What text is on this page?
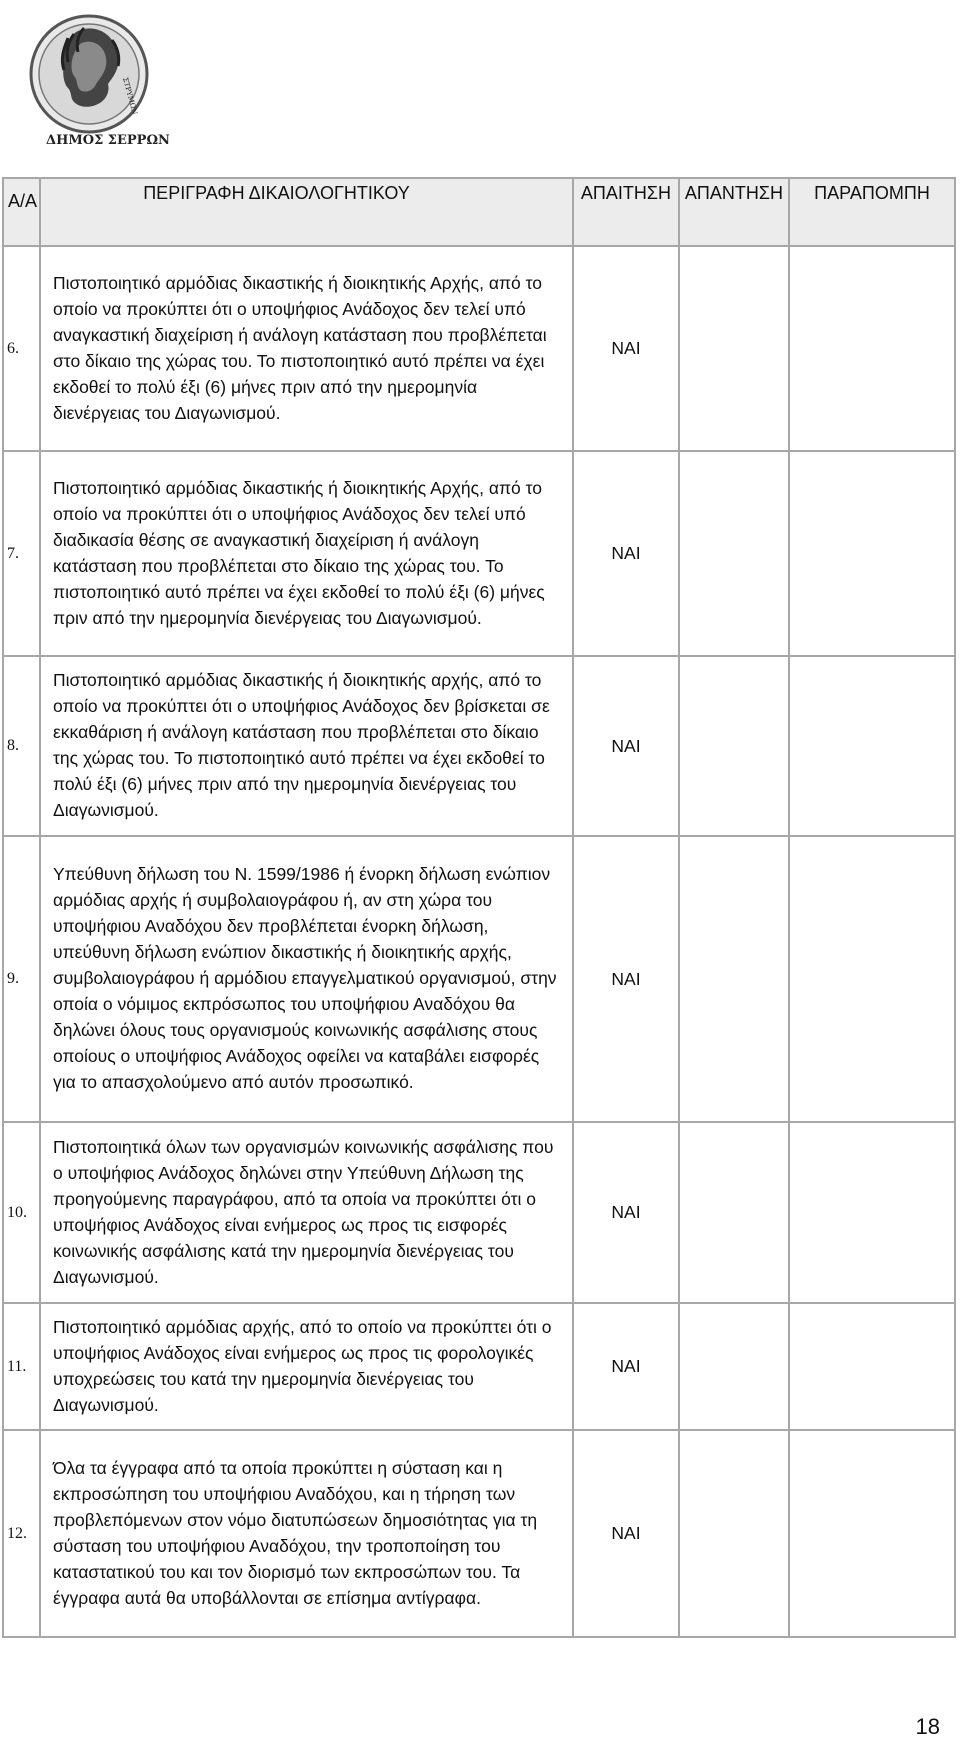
ΔΗΜΟΣ ΣΕΡΡΩΝ
ΣΤΡΥΜΩΝ
Α/Α	ΠΕΡΙΓΡΑΦΗ ΔΙΚΑΙΟΛΟΓΗΤΙΚΟΥ	ΑΠΑΙΤΗΣΗ	ΑΠΑΝΤΗΣΗ	ΠΑΡΑΠΟΜΠΗ
6.	Πιστοποιητικό αρμόδιας δικαστικής ή διοικητικής Αρχής, από το οποίο να προκύπτει ότι ο υποψήφιος Ανάδοχος δεν τελεί υπό αναγκαστική διαχείριση ή ανάλογη κατάσταση που προβλέπεται στο δίκαιο της χώρας του. Το πιστοποιητικό αυτό πρέπει να έχει εκδοθεί το πολύ έξι (6) μήνες πριν από την ημερομηνία διενέργειας του Διαγωνισμού.	ΝΑΙ		
7.	Πιστοποιητικό αρμόδιας δικαστικής ή διοικητικής Αρχής, από το οποίο να προκύπτει ότι ο υποψήφιος Ανάδοχος δεν τελεί υπό διαδικασία θέσης σε αναγκαστική διαχείριση ή ανάλογη κατάσταση που προβλέπεται στο δίκαιο της χώρας του. Το πιστοποιητικό αυτό πρέπει να έχει εκδοθεί το πολύ έξι (6) μήνες πριν από την ημερομηνία διενέργειας του Διαγωνισμού.	ΝΑΙ		
8.	Πιστοποιητικό αρμόδιας δικαστικής ή διοικητικής αρχής, από το οποίο να προκύπτει ότι ο υποψήφιος Ανάδοχος δεν βρίσκεται σε εκκαθάριση ή ανάλογη κατάσταση που προβλέπεται στο δίκαιο της χώρας του. Το πιστοποιητικό αυτό πρέπει να έχει εκδοθεί το πολύ έξι (6) μήνες πριν από την ημερομηνία διενέργειας του Διαγωνισμού.	ΝΑΙ		
9.	Υπεύθυνη δήλωση του Ν. 1599/1986 ή ένορκη δήλωση ενώπιον αρμόδιας αρχής ή συμβολαιογράφου ή, αν στη χώρα του υποψήφιου Αναδόχου δεν προβλέπεται ένορκη δήλωση, υπεύθυνη δήλωση ενώπιον δικαστικής ή διοικητικής αρχής, συμβολαιογράφου ή αρμόδιου επαγγελματικού οργανισμού, στην οποία ο νόμιμος εκπρόσωπος του υποψήφιου Αναδόχου θα δηλώνει όλους τους οργανισμούς κοινωνικής ασφάλισης στους οποίους ο υποψήφιος Ανάδοχος οφείλει να καταβάλει εισφορές για το απασχολούμενο από αυτόν προσωπικό.	ΝΑΙ		
10.	Πιστοποιητικά όλων των οργανισμών κοινωνικής ασφάλισης που ο υποψήφιος Ανάδοχος δηλώνει στην Υπεύθυνη Δήλωση της προηγούμενης παραγράφου, από τα οποία να προκύπτει ότι ο υποψήφιος Ανάδοχος είναι ενήμερος ως προς τις εισφορές κοινωνικής ασφάλισης κατά την ημερομηνία διενέργειας του Διαγωνισμού.	ΝΑΙ		
11.	Πιστοποιητικό αρμόδιας αρχής, από το οποίο να προκύπτει ότι ο υποψήφιος Ανάδοχος είναι ενήμερος ως προς τις φορολογικές υποχρεώσεις του κατά την ημερομηνία διενέργειας του Διαγωνισμού.	ΝΑΙ		
12.	Όλα τα έγγραφα από τα οποία προκύπτει η σύσταση και η εκπροσώπηση του υποψήφιου Αναδόχου, και η τήρηση των προβλεπόμενων στον νόμο διατυπώσεων δημοσιότητας για τη σύσταση του υποψήφιου Αναδόχου, την τροποποίηση του καταστατικού του και τον διορισμό των εκπροσώπων του. Τα έγγραφα αυτά θα υποβάλλονται σε επίσημα αντίγραφα.	ΝΑΙ		
18
